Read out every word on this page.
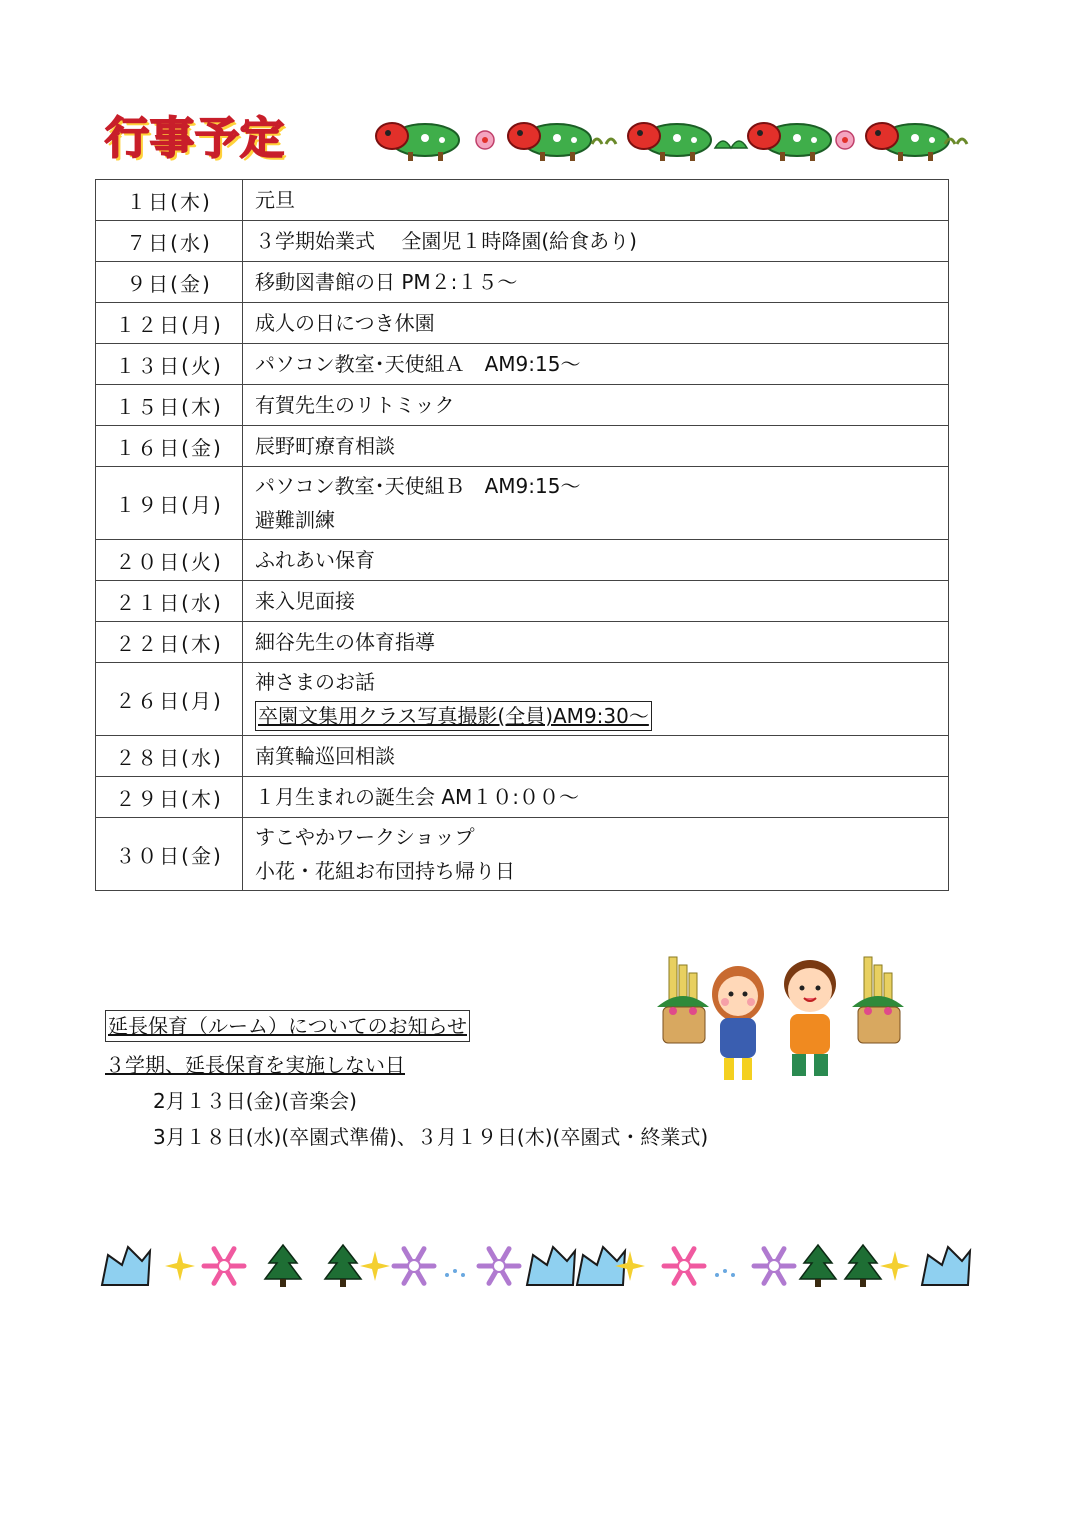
行事予定
１日(木)	元旦

７日(水)	３学期始業式　 全園児１時降園(給食あり)

９日(金)	移動図書館の日 PM２:１５～

１２日(月)	成人の日につき休園

１３日(火)	パソコン教室･天使組Ａ　AM9:15～

１５日(木)	有賀先生のリトミック

１６日(金)	辰野町療育相談

１９日(月)	パソコン教室･天使組Ｂ　AM9:15～
避難訓練

２０日(火)	ふれあい保育

２１日(水)	来入児面接

２２日(木)	細谷先生の体育指導

２６日(月)	神さまのお話
卒園文集用クラス写真撮影(全員)AM9:30～

２８日(水)	南箕輪巡回相談

２９日(木)	１月生まれの誕生会 AM１０:００～

３０日(金)	すこやかワークショップ
小花・花組お布団持ち帰り日
延長保育（ルーム）についてのお知らせ
３学期、延長保育を実施しない日
2月１３日(金)(音楽会)
3月１８日(水)(卒園式準備)、３月１９日(木)(卒園式・終業式)
